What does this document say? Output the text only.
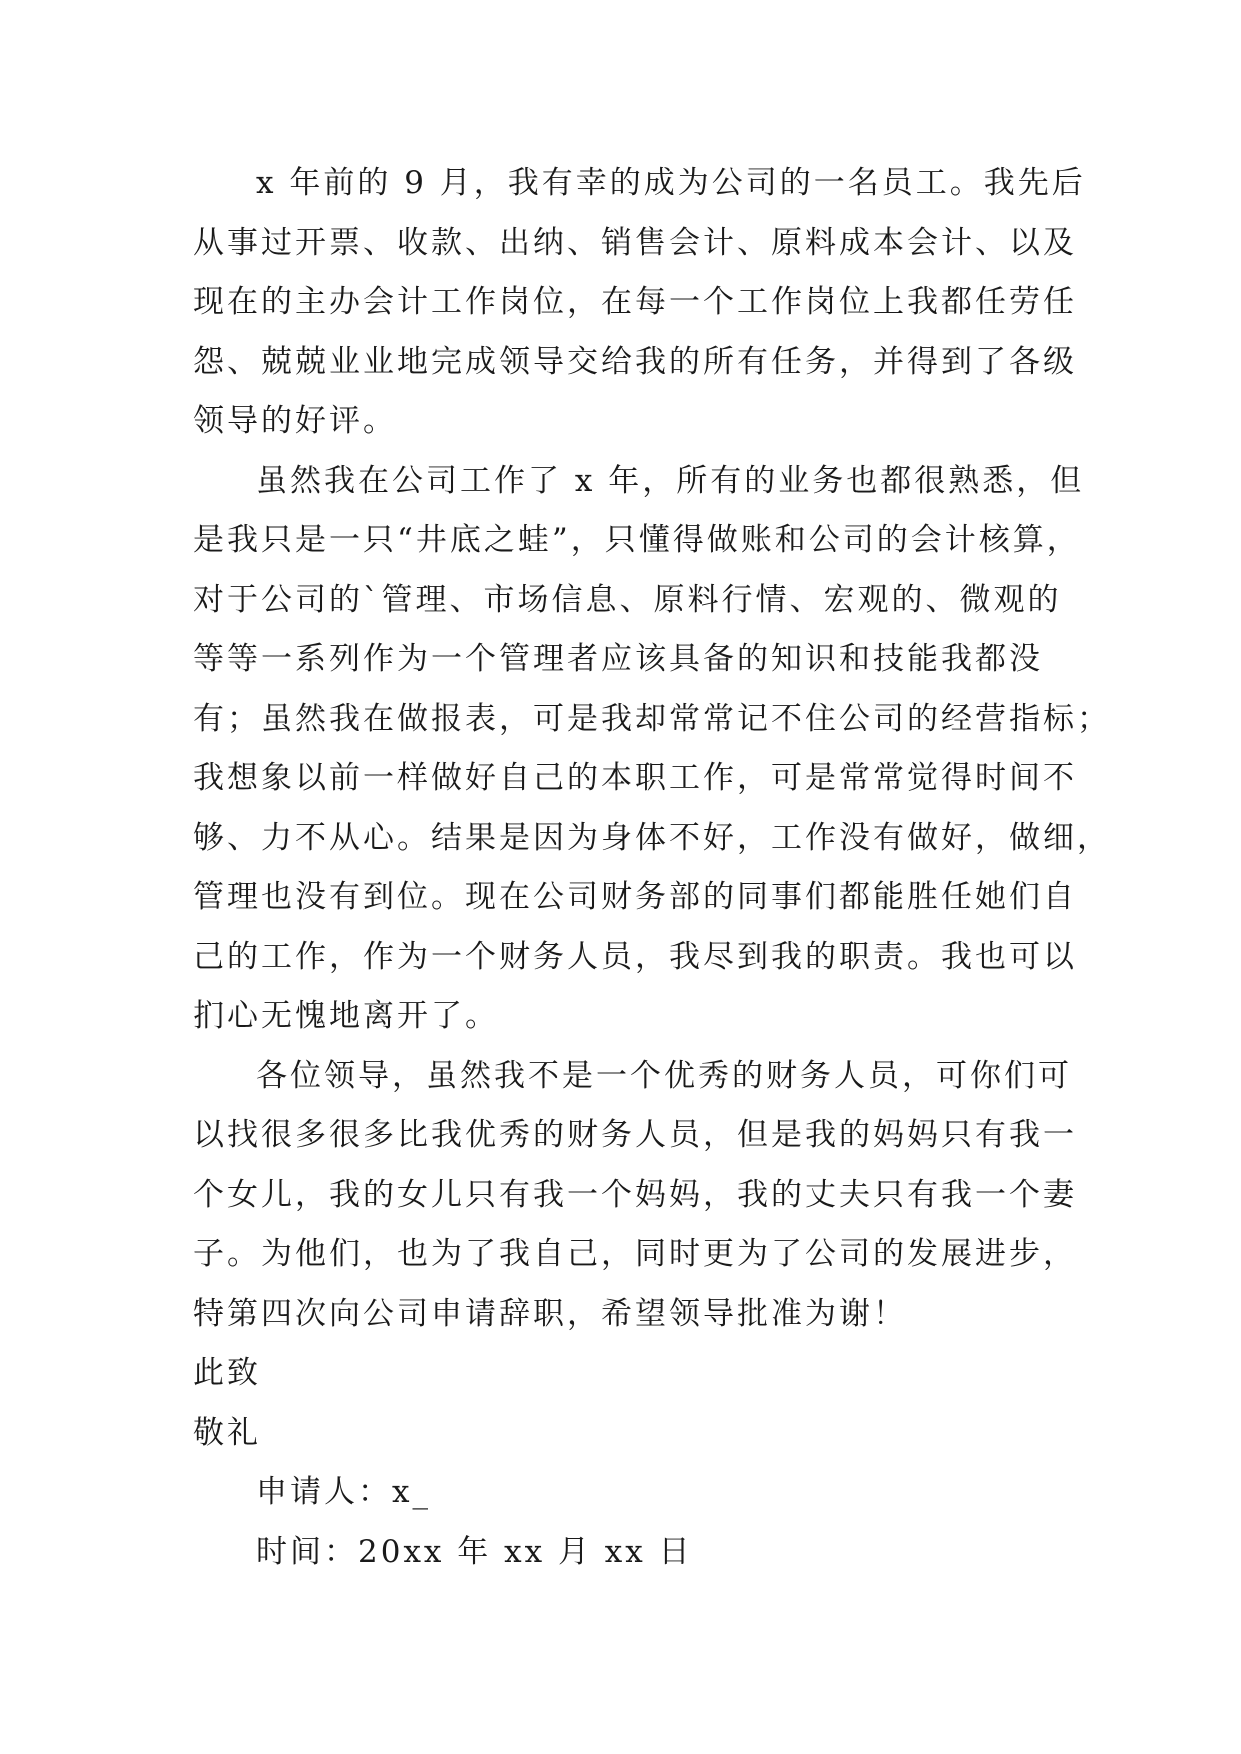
x 年前的 9 月，我有幸的成为公司的一名员工。我先后
从事过开票、收款、出纳、销售会计、原料成本会计、以及
现在的主办会计工作岗位，在每一个工作岗位上我都任劳任
怨、兢兢业业地完成领导交给我的所有任务，并得到了各级
领导的好评。
虽然我在公司工作了 x 年，所有的业务也都很熟悉，但
是我只是一只“井底之蛙”，只懂得做账和公司的会计核算，
对于公司的`管理、市场信息、原料行情、宏观的、微观的
等等一系列作为一个管理者应该具备的知识和技能我都没
有；虽然我在做报表，可是我却常常记不住公司的经营指标；
我想象以前一样做好自己的本职工作，可是常常觉得时间不
够、力不从心。结果是因为身体不好，工作没有做好，做细，
管理也没有到位。现在公司财务部的同事们都能胜任她们自
己的工作，作为一个财务人员，我尽到我的职责。我也可以
扪心无愧地离开了。
各位领导，虽然我不是一个优秀的财务人员，可你们可
以找很多很多比我优秀的财务人员，但是我的妈妈只有我一
个女儿，我的女儿只有我一个妈妈，我的丈夫只有我一个妻
子。为他们，也为了我自己，同时更为了公司的发展进步，
特第四次向公司申请辞职，希望领导批准为谢！
此致
敬礼
申请人：x_
时间：20xx 年 xx 月 xx 日
